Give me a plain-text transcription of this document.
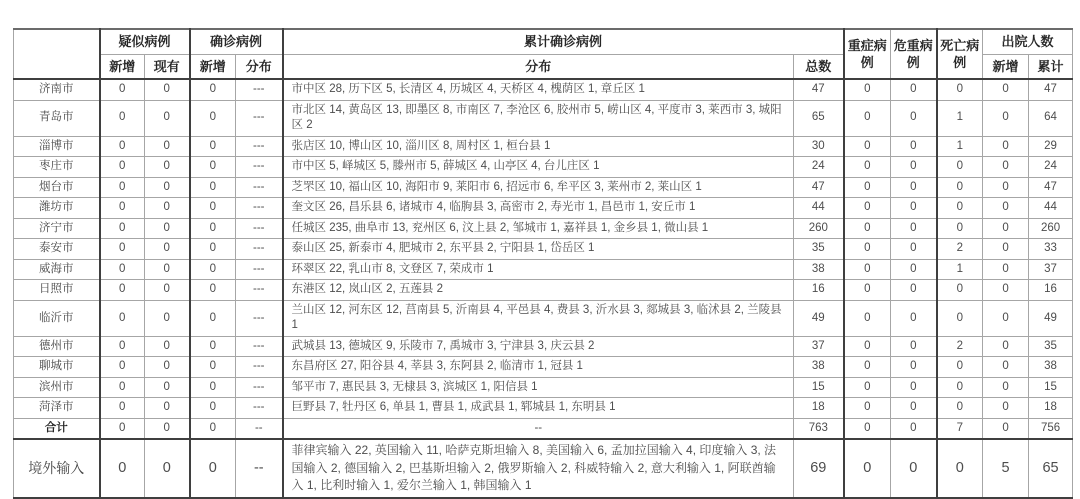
	疑似病例		确诊病例		累计确诊病例		重症病例	危重病例	死亡病例	出院人数	
	新增	现有	新增	分布	分布	总数				新增	累计
济南市	0	0	0	---	市中区 28, 历下区 5, 长清区 4, 历城区 4, 天桥区 4, 槐荫区 1, 章丘区 1	47	0	0	0	0	47
青岛市	0	0	0	---	市北区 14, 黄岛区 13, 即墨区 8, 市南区 7, 李沧区 6, 胶州市 5, 崂山区 4, 平度市 3, 莱西市 3, 城阳区 2	65	0	0	1	0	64
淄博市	0	0	0	---	张店区 10, 博山区 10, 淄川区 8, 周村区 1, 桓台县 1	30	0	0	1	0	29
枣庄市	0	0	0	---	市中区 5, 峄城区 5, 滕州市 5, 薛城区 4, 山亭区 4, 台儿庄区 1	24	0	0	0	0	24
烟台市	0	0	0	---	芝罘区 10, 福山区 10, 海阳市 9, 莱阳市 6, 招远市 6, 牟平区 3, 莱州市 2, 莱山区 1	47	0	0	0	0	47
潍坊市	0	0	0	---	奎文区 26, 昌乐县 6, 诸城市 4, 临朐县 3, 高密市 2, 寿光市 1, 昌邑市 1, 安丘市 1	44	0	0	0	0	44
济宁市	0	0	0	---	任城区 235, 曲阜市 13, 兖州区 6, 汶上县 2, 邹城市 1, 嘉祥县 1, 金乡县 1, 微山县 1	260	0	0	0	0	260
泰安市	0	0	0	---	泰山区 25, 新泰市 4, 肥城市 2, 东平县 2, 宁阳县 1, 岱岳区 1	35	0	0	2	0	33
威海市	0	0	0	---	环翠区 22, 乳山市 8, 文登区 7, 荣成市 1	38	0	0	1	0	37
日照市	0	0	0	---	东港区 12, 岚山区 2, 五莲县 2	16	0	0	0	0	16
临沂市	0	0	0	---	兰山区 12, 河东区 12, 莒南县 5, 沂南县 4, 平邑县 4, 费县 3, 沂水县 3, 郯城县 3, 临沭县 2, 兰陵县 1	49	0	0	0	0	49
德州市	0	0	0	---	武城县 13, 德城区 9, 乐陵市 7, 禹城市 3, 宁津县 3, 庆云县 2	37	0	0	2	0	35
聊城市	0	0	0	---	东昌府区 27, 阳谷县 4, 莘县 3, 东阿县 2, 临清市 1, 冠县 1	38	0	0	0	0	38
滨州市	0	0	0	---	邹平市 7, 惠民县 3, 无棣县 3, 滨城区 1, 阳信县 1	15	0	0	0	0	15
菏泽市	0	0	0	---	巨野县 7, 牡丹区 6, 单县 1, 曹县 1, 成武县 1, 郓城县 1, 东明县 1	18	0	0	0	0	18
合计	0	0	0	--	--	763	0	0	7	0	756
境外输入	0	0	0	--	菲律宾输入 22, 英国输入 11, 哈萨克斯坦输入 8, 美国输入 6, 孟加拉国输入 4, 印度输入 3, 法国输入 2, 德国输入 2, 巴基斯坦输入 2, 俄罗斯输入 2, 科威特输入 2, 意大利输入 1, 阿联酋输入 1, 比利时输入 1, 爱尔兰输入 1, 韩国输入 1	69	0	0	0	5	65
